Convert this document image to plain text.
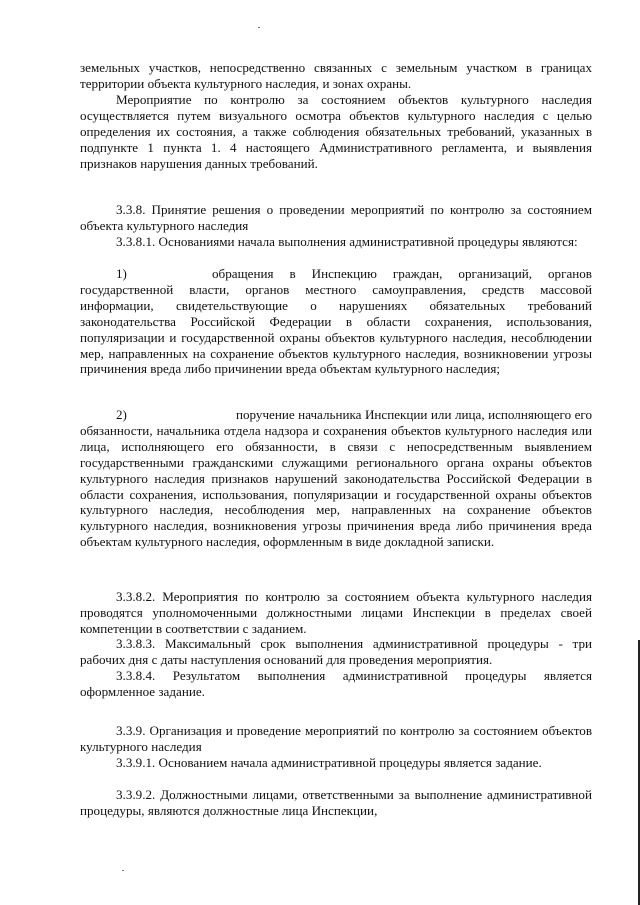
земельных участков, непосредственно связанных с земельным участком в границах территории объекта культурного наследия, и зонах охраны.
Мероприятие по контролю за состоянием объектов культурного наследия осуществляется путем визуального осмотра объектов культурного наследия с целью определения их состояния, а также соблюдения обязательных требований, указанных в подпункте 1 пункта 1. 4 настоящего Административного регламента, и выявления признаков нарушения данных требований.
3.3.8. Принятие решения о проведении мероприятий по контролю за состоянием объекта культурного наследия
3.3.8.1. Основаниями начала выполнения административной процедуры являются:
1)	обращения в Инспекцию граждан, организаций, органов государственной власти, органов местного самоуправления, средств массовой информации, свидетельствующие о нарушениях обязательных требований законодательства Российской Федерации в области сохранения, использования, популяризации и государственной охраны объектов культурного наследия, несоблюдении мер, направленных на сохранение объектов культурного наследия, возникновении угрозы причинения вреда либо причинении вреда объектам культурного наследия;
2)	поручение начальника Инспекции или лица, исполняющего его обязанности, начальника отдела надзора и сохранения объектов культурного наследия или лица, исполняющего его обязанности, в связи с непосредственным выявлением государственными гражданскими служащими регионального органа охраны объектов культурного наследия признаков нарушений законодательства Российской Федерации в области сохранения, использования, популяризации и государственной охраны объектов культурного наследия, несоблюдения мер, направленных на сохранение объектов культурного наследия, возникновения угрозы причинения вреда либо причинения вреда объектам культурного наследия, оформленным в виде докладной записки.
3.3.8.2. Мероприятия по контролю за состоянием объекта культурного наследия проводятся уполномоченными должностными лицами Инспекции в пределах своей компетенции в соответствии с заданием.
3.3.8.3. Максимальный срок выполнения административной процедуры - три рабочих дня с даты наступления оснований для проведения мероприятия.
3.3.8.4. Результатом выполнения административной процедуры является оформленное задание.
3.3.9. Организация и проведение мероприятий по контролю за состоянием объектов культурного наследия
3.3.9.1. Основанием начала административной процедуры является задание.
3.3.9.2. Должностными лицами, ответственными за выполнение административной процедуры, являются должностные лица Инспекции,
